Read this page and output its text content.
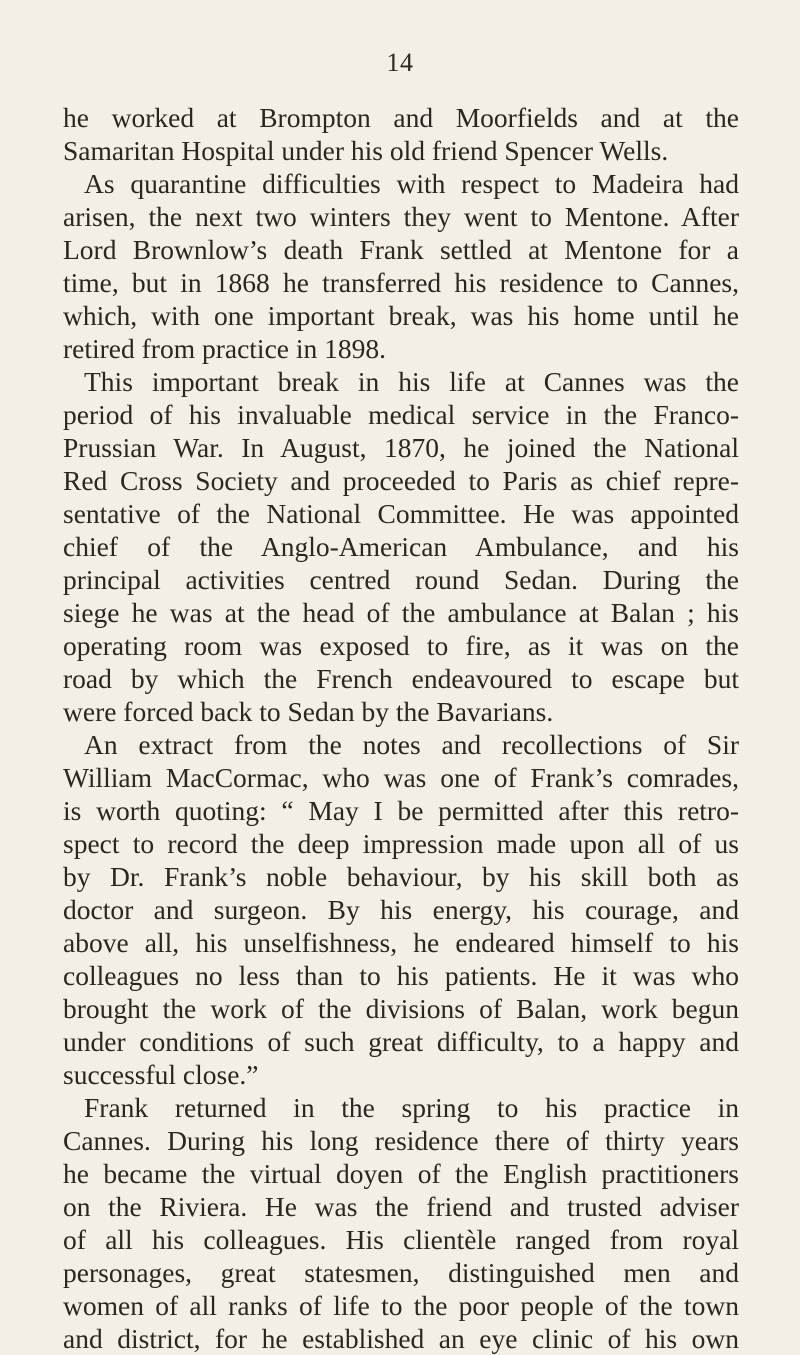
14
he worked at Brompton and Moorfields and at the
Samaritan Hospital under his old friend Spencer Wells.
As quarantine difficulties with respect to Madeira had
arisen, the next two winters they went to Mentone. After
Lord Brownlow’s death Frank settled at Mentone for a
time, but in 1868 he transferred his residence to Cannes,
which, with one important break, was his home until he
retired from practice in 1898.
This important break in his life at Cannes was the
period of his invaluable medical service in the Franco-
Prussian War. In August, 1870, he joined the National
Red Cross Society and proceeded to Paris as chief repre-
sentative of the National Committee. He was appointed
chief of the Anglo-American Ambulance, and his
principal activities centred round Sedan. During the
siege he was at the head of the ambulance at Balan ; his
operating room was exposed to fire, as it was on the
road by which the French endeavoured to escape but
were forced back to Sedan by the Bavarians.
An extract from the notes and recollections of Sir
William MacCormac, who was one of Frank’s comrades,
is worth quoting: “ May I be permitted after this retro-
spect to record the deep impression made upon all of us
by Dr. Frank’s noble behaviour, by his skill both as
doctor and surgeon. By his energy, his courage, and
above all, his unselfishness, he endeared himself to his
colleagues no less than to his patients. He it was who
brought the work of the divisions of Balan, work begun
under conditions of such great difficulty, to a happy and
successful close.”
Frank returned in the spring to his practice in
Cannes. During his long residence there of thirty years
he became the virtual doyen of the English practitioners
on the Riviera. He was the friend and trusted adviser
of all his colleagues. His clientèle ranged from royal
personages, great statesmen, distinguished men and
women of all ranks of life to the poor people of the town
and district, for he established an eye clinic of his own
